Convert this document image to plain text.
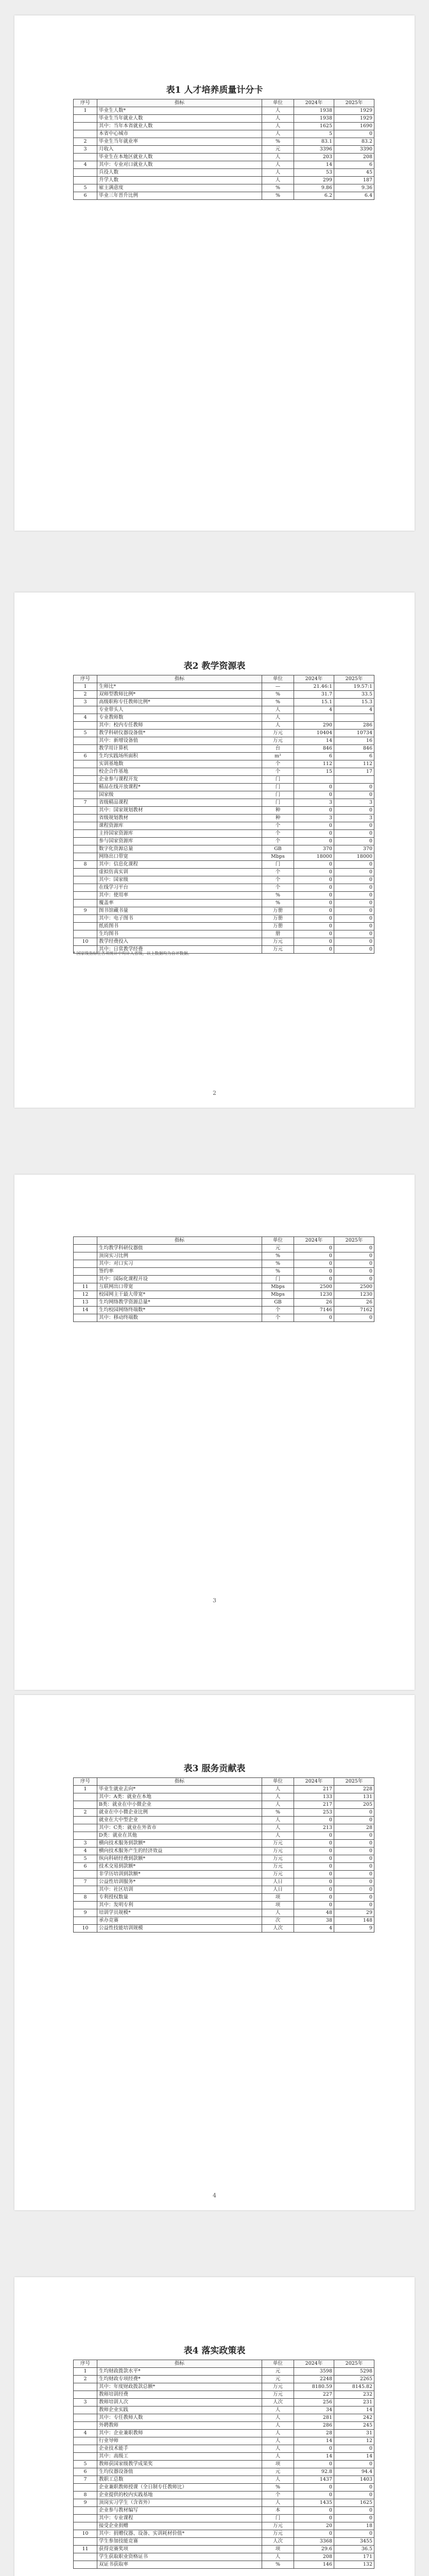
表1 人才培养质量计分卡
序号	指标	单位	2024年	2025年
1	毕业生人数*	人	1938	1929
	毕业生当年就业人数	人	1938	1929
	其中：当年本省就业人数	人	1625	1690
	本省中心城市	人	5	0
2	毕业生当年就业率	%	83.1	83.2
3	月收入	元	3396	3390
	毕业生在本地区就业人数	人	203	208
4	其中：专业对口就业人数	人	14	6
	兵役人数	人	53	45
	升学人数	人	299	187
5	雇主满意度	%	9.86	9.36
6	毕业三年晋升比例	%	6.2	6.4
表2 教学资源表
序号	指标	单位	2024年	2025年
1	生师比*	—	21.46:1	19.57:1
2	双师型教师比例*	%	31.7	33.5
3	高级职称专任教师比例*	%	15.1	15.3
	专业带头人	人	4	4
4	专业教师数	人		
	其中：校内专任教师	人	290	286
5	教学科研仪器设备值*	万元	10404	10734
	其中：新增设备值	万元	14	16
	教学用计算机	台	846	846
6	生均实践场所面积	m²	6	6
	实训基地数	个	112	112
	校企合作基地	个	15	17
	企业参与课程开发	门		
	精品在线开放课程*	门	0	0
	国家级	门	0	0
7	省级精品课程	门	3	3
	其中：国家规划教材	种	0	0
	省级规划教材	种	3	3
	课程资源库	个	0	0
	主持国家资源库	个	0	0
	参与国家资源库	个	0	0
	数字化资源总量	GB	370	370
	网络出口带宽	Mbps	18000	18000
8	其中：信息化课程	门	0	0
	虚拟仿真实训	个	0	0
	其中：国家级	个	0	0
	在线学习平台	个	0	0
	其中：使用率	%	0	0
	覆盖率	%	0	0
9	图书馆藏书量	万册	0	0
	其中：电子图书	万册	0	0
	纸质图书	万册	0	0
	生均图书	册	0	0
10	教学经费投入	万元	0	0
	其中：日常教学经费	万元	0	0
* 国家级指标在各项统计中均计入省级，以上数据均为自评数据。
2
	指标	单位	2024年	2025年
	生均教学科研仪器值	元	0	0
	顶岗实习比例	%	0	0
	其中：对口实习	%	0	0
	签约率	%	0	0
	其中：国际化课程开设	门	0	0
11	互联网出口带宽	Mbps	2500	2500
12	校园网主干最大带宽*	Mbps	1230	1230
13	生均网络教学资源总量*	GB	26	26
14	生均校园网络终端数*	个	7146	7162
	其中：移动终端数	个	0	0
3
表3 服务贡献表
序号	指标	单位	2024年	2025年
1	毕业生就业去向*	人	217	228
	其中：A类：就业在本地	人	133	131
	B类：就业在中小微企业	人	217	205
2	就业在中小微企业比例	%	253	0
	就业在大中型企业	人	0	0
	其中：C类：就业在外省市	人	213	28
	D类：就业在其他	人	0	0
3	横向技术服务到款额*	万元	0	0
4	横向技术服务产生的经济效益	万元	0	0
5	纵向科研经费到款额*	万元	0	0
6	技术交易到款额*	万元	0	0
	非学历培训到款额*	万元	0	0
7	公益性培训服务*	人日	0	0
	其中：社区培训	人日	0	0
8	专利授权数量	项	0	0
	其中：发明专利	项	0	0
9	培训学员规模*	人	48	29
	承办竞赛	次	38	148
10	公益性技能培训规模	人次	4	9
4
表4 落实政策表
序号	指标	单位	2024年	2025年
1	生均财政拨款水平*	元	3598	5298
2	生均财政专项经费*	元	2248	2265
	其中：年度财政拨款总额*	万元	8180.59	8145.82
	教师培训经费	万元	227	232
3	教师培训人次	人次	256	231
	教师企业实践	人	34	14
	其中：专任教师人数	人	281	242
	外聘教师	人	286	245
4	其中：企业兼职教师	人	28	31
	行业导师	人	14	12
	企业技术能手	人	0	0
	其中：高级工	人	14	14
5	教师获国家级教学成果奖	项	0	0
6	生均仪器设备值	元	92.8	94.4
7	教职工总数	人	1437	1403
	企业兼职教师授课（全日制专任教师比）	%	0	0
8	企业提供的校内实践基地	个	0	0
9	顶岗实习学生（含省外）	人	1435	1625
	企业参与教材编写	本	0	0
	其中：专业课程	门	0	0
	接受企业捐赠	万元	20	18
10	其中：捐赠仪器、设备、实训耗材价值*	万元	0	0
	学生参加技能竞赛	人次	3368	3455
11	获得竞赛奖项	项	29.6	36.5
	学生获取职业资格证书	人	208	171
	双证书获取率	%	146	132
